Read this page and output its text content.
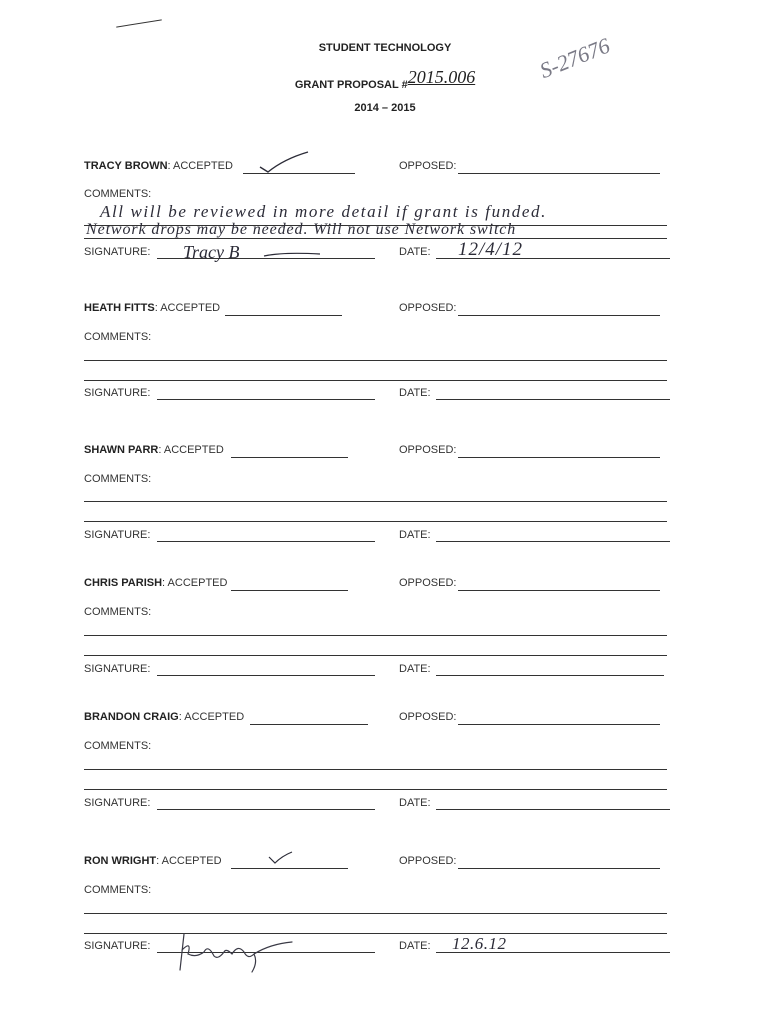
STUDENT TECHNOLOGY
GRANT PROPOSAL #2015.006
2014 – 2015
S-27676
TRACY BROWN: ACCEPTED	OPPOSED:
COMMENTS:
All will be reviewed in more detail if grant is funded.
Network drops may be needed. Will not use Network switch
SIGNATURE: Tracy B	DATE: 12/4/12
HEATH FITTS: ACCEPTED	OPPOSED:
COMMENTS:
SIGNATURE:	DATE:
SHAWN PARR: ACCEPTED	OPPOSED:
COMMENTS:
SIGNATURE:	DATE:
CHRIS PARISH: ACCEPTED	OPPOSED:
COMMENTS:
SIGNATURE:	DATE:
BRANDON CRAIG: ACCEPTED	OPPOSED:
COMMENTS:
SIGNATURE:	DATE:
RON WRIGHT: ACCEPTED	OPPOSED:
COMMENTS:
SIGNATURE:	DATE: 12.6.12
